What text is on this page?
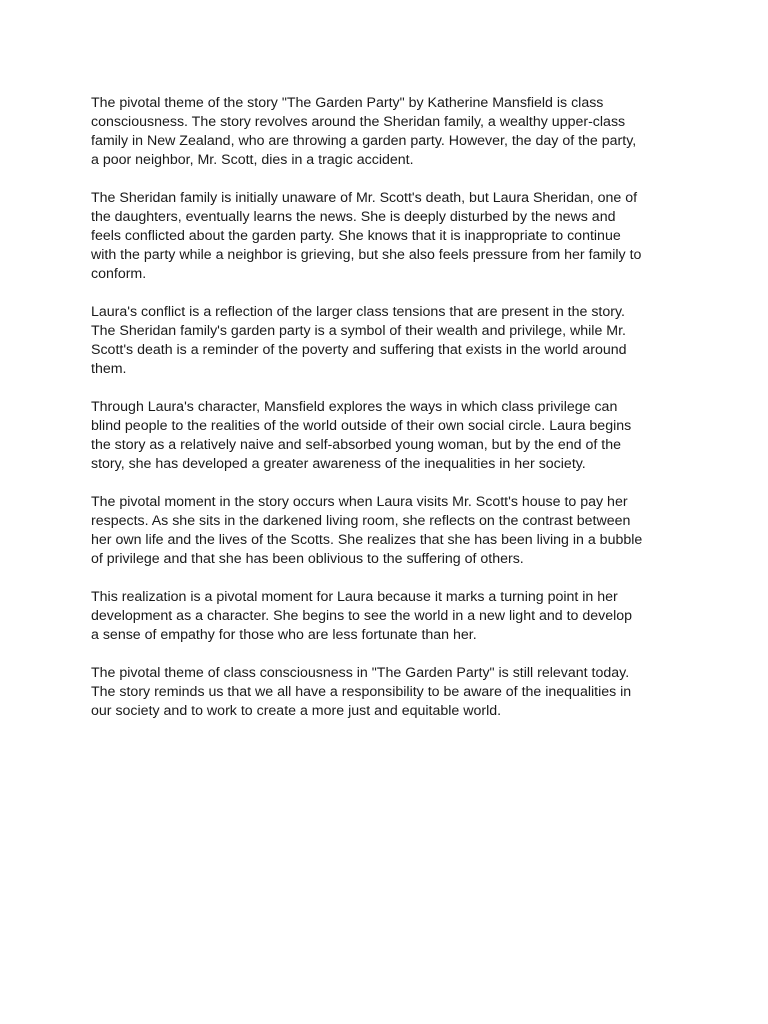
The pivotal theme of the story "The Garden Party" by Katherine Mansfield is class
consciousness. The story revolves around the Sheridan family, a wealthy upper-class
family in New Zealand, who are throwing a garden party. However, the day of the party,
a poor neighbor, Mr. Scott, dies in a tragic accident.

The Sheridan family is initially unaware of Mr. Scott's death, but Laura Sheridan, one of
the daughters, eventually learns the news. She is deeply disturbed by the news and
feels conflicted about the garden party. She knows that it is inappropriate to continue
with the party while a neighbor is grieving, but she also feels pressure from her family to
conform.

Laura's conflict is a reflection of the larger class tensions that are present in the story.
The Sheridan family's garden party is a symbol of their wealth and privilege, while Mr.
Scott's death is a reminder of the poverty and suffering that exists in the world around
them.

Through Laura's character, Mansfield explores the ways in which class privilege can
blind people to the realities of the world outside of their own social circle. Laura begins
the story as a relatively naive and self-absorbed young woman, but by the end of the
story, she has developed a greater awareness of the inequalities in her society.

The pivotal moment in the story occurs when Laura visits Mr. Scott's house to pay her
respects. As she sits in the darkened living room, she reflects on the contrast between
her own life and the lives of the Scotts. She realizes that she has been living in a bubble
of privilege and that she has been oblivious to the suffering of others.

This realization is a pivotal moment for Laura because it marks a turning point in her
development as a character. She begins to see the world in a new light and to develop
a sense of empathy for those who are less fortunate than her.

The pivotal theme of class consciousness in "The Garden Party" is still relevant today.
The story reminds us that we all have a responsibility to be aware of the inequalities in
our society and to work to create a more just and equitable world.
